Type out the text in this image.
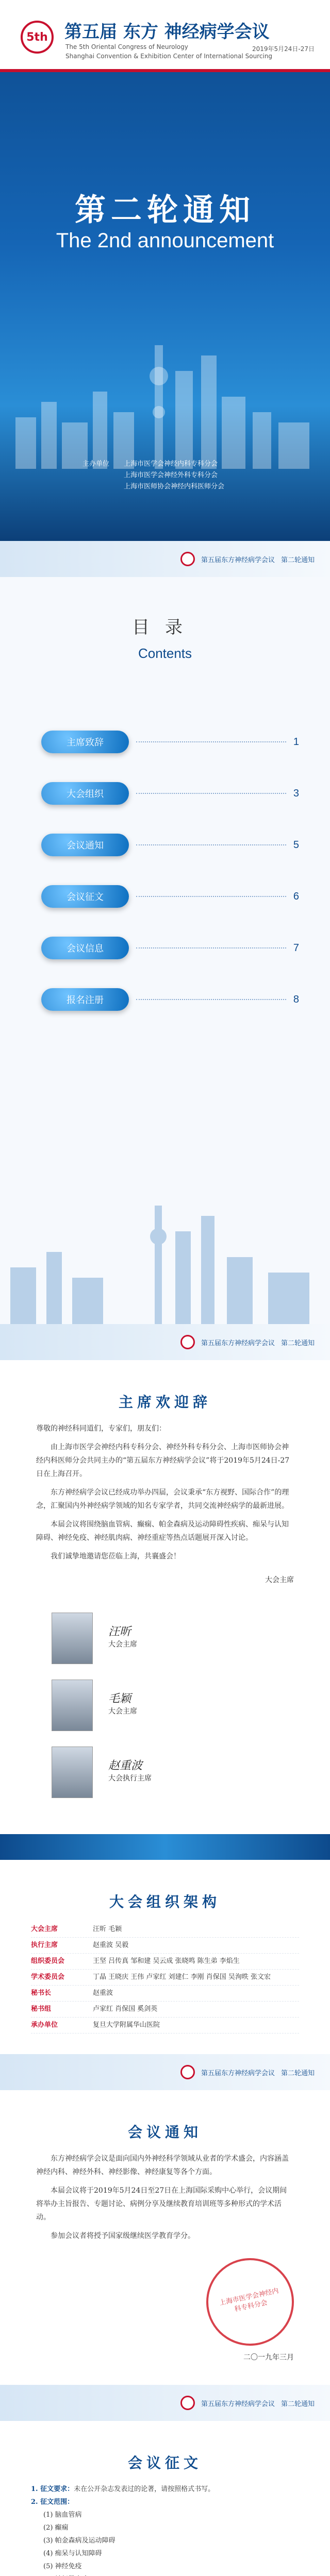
5th 第五届 东方 神经病学会议
The 5th Oriental Congress of Neurology
Shanghai Convention & Exhibition Center of International Sourcing
2019年5月24日-27日
第二轮通知
The 2nd announcement
主办单位	上海市医学会神经内科专科分会
上海市医学会神经外科专科分会
上海市医师协会神经内科医师分会
第五届东方神经病学会议 第二轮通知
目录
Contents
主席致辞	1
大会组织	3
会议通知	5
会议征文	6
会议信息	7
报名注册	8
第五届东方神经病学会议 第二轮通知
主席欢迎辞
尊敬的神经科同道们，专家们，朋友们：

由上海市医学会神经内科专科分会、神经外科专科分会、上海市医师协会神经内科医师分会共同主办的“第五届东方神经病学会议”将于2019年5月24日-27日在上海召开。

东方神经病学会议已经成功举办四届，会议秉承“东方视野、国际合作”的理念，汇聚国内外神经病学领域的知名专家学者，共同交流神经病学的最新进展。

本届会议将围绕脑血管病、癫痫、帕金森病及运动障碍性疾病、痴呆与认知障碍、神经免疫、神经肌肉病、神经重症等热点话题展开深入讨论。

我们诚挚地邀请您莅临上海，共襄盛会！

大会主席
汪昕
大会主席
毛颖
大会主席
赵重波
大会执行主席
大会组织架构
大会主席	汪昕 毛颖
执行主席	赵重波 吴毅
组织委员会	王坚 吕传真 邹和建 吴云成 张晓鸣 陈生弟 李焰生
学术委员会	丁晶 王晓庆 王伟 卢家红 刘建仁 李刚 肖保国 吴洵昳 张文宏
秘书长	赵重波
秘书组	卢家红 肖保国 奚剑英
承办单位	复旦大学附属华山医院
第五届东方神经病学会议 第二轮通知
会议通知

东方神经病学会议是面向国内外神经科学领域从业者的学术盛会，内容涵盖神经内科、神经外科、神经影像、神经康复等各个方面。

本届会议将于2019年5月24日至27日在上海国际采购中心举行，会议期间将举办主旨报告、专题讨论、病例分享及继续教育培训班等多种形式的学术活动。

参加会议者将授予国家级继续医学教育学分。

上海市医学会神经内科专科分会
二〇一九年三月
第五届东方神经病学会议 第二轮通知
会议征文
1. 征文要求：未在公开杂志发表过的论著，请按照格式书写。
2. 征文范围：
(1) 脑血管病
(2) 癫痫
(3) 帕金森病及运动障碍
(4) 痴呆与认知障碍
(5) 神经免疫
